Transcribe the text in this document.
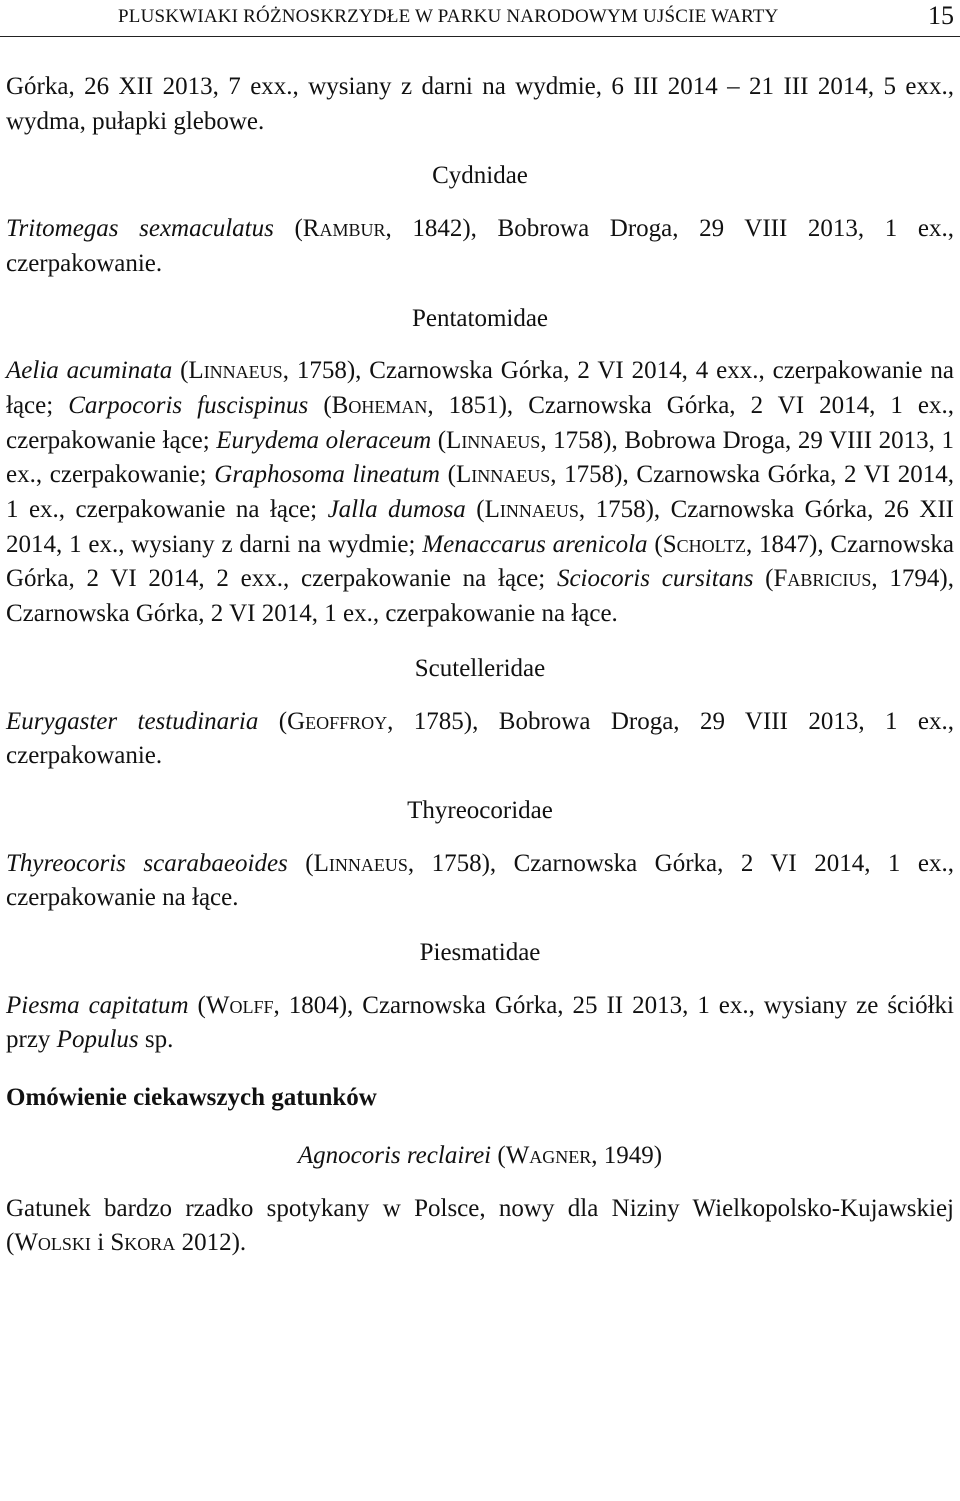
PLUSKWIAKI RÓŻNOSKRZYDŁE W PARKU NARODOWYM UJŚCIE WARTY	15

Górka, 26 XII 2013, 7 exx., wysiany z darni na wydmie, 6 III 2014 – 21 III 2014, 5 exx., wydma, pułapki glebowe.

Cydnidae

Tritomegas sexmaculatus (Rambur, 1842), Bobrowa Droga, 29 VIII 2013, 1 ex., czerpakowanie.

Pentatomidae

Aelia acuminata (Linnaeus, 1758), Czarnowska Górka, 2 VI 2014, 4 exx., czerpakowanie na łące; Carpocoris fuscispinus (Boheman, 1851), Czarnowska Górka, 2 VI 2014, 1 ex., czerpakowanie łące; Eurydema oleraceum (Linnaeus, 1758), Bobrowa Droga, 29 VIII 2013, 1 ex., czerpakowanie; Graphosoma lineatum (Linnaeus, 1758), Czarnowska Górka, 2 VI 2014, 1 ex., czerpakowanie na łące; Jalla dumosa (Linnaeus, 1758), Czarnowska Górka, 26 XII 2014, 1 ex., wysiany z darni na wydmie; Menaccarus arenicola (Scholtz, 1847), Czarnowska Górka, 2 VI 2014, 2 exx., czerpakowanie na łące; Sciocoris cursitans (Fabricius, 1794), Czarnowska Górka, 2 VI 2014, 1 ex., czerpakowanie na łące.

Scutelleridae

Eurygaster testudinaria (Geoffroy, 1785), Bobrowa Droga, 29 VIII 2013, 1 ex., czerpakowanie.

Thyreocoridae

Thyreocoris scarabaeoides (Linnaeus, 1758), Czarnowska Górka, 2 VI 2014, 1 ex., czerpakowanie na łące.

Piesmatidae

Piesma capitatum (Wolff, 1804), Czarnowska Górka, 25 II 2013, 1 ex., wysiany ze ściółki przy Populus sp.

Omówienie ciekawszych gatunków

Agnocoris reclairei (Wagner, 1949)

Gatunek bardzo rzadko spotykany w Polsce, nowy dla Niziny Wielkopolsko-Kujawskiej (Wolski i Skora 2012).
